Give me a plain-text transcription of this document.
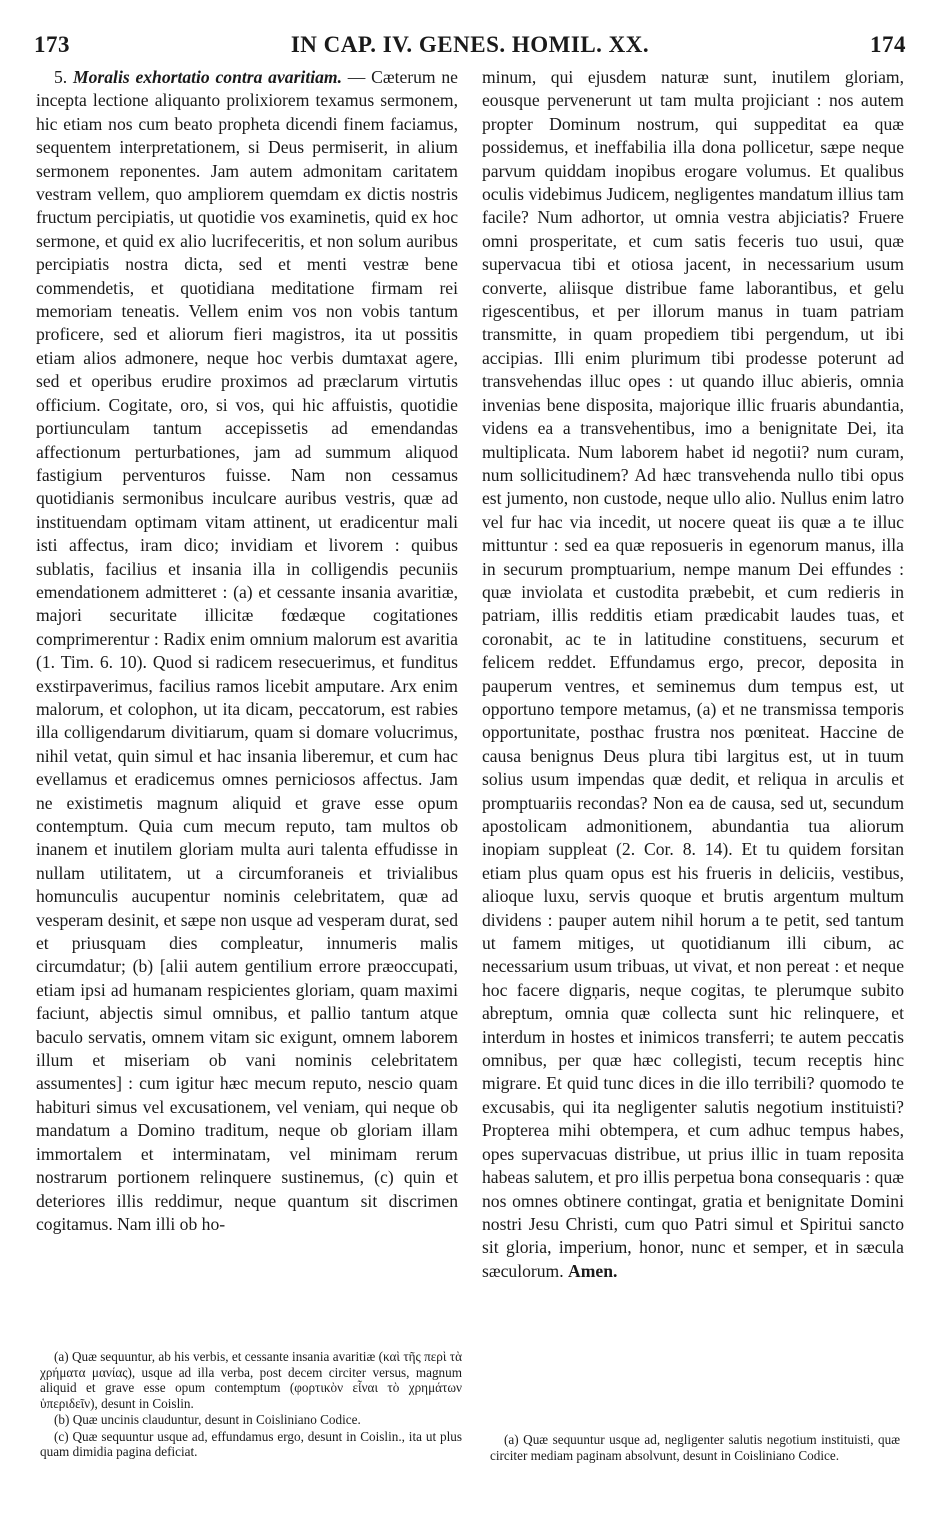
173	IN CAP. IV. GENES. HOMIL. XX.	174

5. Moralis exhortatio contra avaritiam. — Cæterum ne incepta lectione aliquanto prolixiorem texamus sermonem, hic etiam nos cum beato propheta dicendi finem faciamus, sequentem interpretationem, si Deus permiserit, in alium sermonem reponentes. Jam autem admonitam caritatem vestram vellem, quo ampliorem quemdam ex dictis nostris fructum percipiatis, ut quotidie vos examinetis, quid ex hoc sermone, et quid ex alio lucrifeceritis, et non solum auribus percipiatis nostra dicta, sed et menti vestræ bene commendetis, et quotidiana meditatione firmam rei memoriam teneatis. Vellem enim vos non vobis tantum proficere, sed et aliorum fieri magistros, ita ut possitis etiam alios admonere, neque hoc verbis dumtaxat agere, sed et operibus erudire proximos ad præclarum virtutis officium. Cogitate, oro, si vos, qui hic affuistis, quotidie portiunculam tantum accepissetis ad emendandas affectionum perturbationes, jam ad summum aliquod fastigium perventuros fuisse. Nam non cessamus quotidianis sermonibus inculcare auribus vestris, quæ ad instituendam optimam vitam attinent, ut eradicentur mali isti affectus, iram dico; invidiam et livorem : quibus sublatis, facilius et insania illa in colligendis pecuniis emendationem admitteret : (a) et cessante insania avaritiæ, majori securitate illicitæ fœdæque cogitationes comprimerentur : Radix enim omnium malorum est avaritia (1. Tim. 6. 10). Quod si radicem resecuerimus, et funditus exstirpaverimus, facilius ramos licebit amputare. Arx enim malorum, et colophon, ut ita dicam, peccatorum, est rabies illa colligendarum divitiarum, quam si domare volucrimus, nihil vetat, quin simul et hac insania liberemur, et cum hac evellamus et eradicemus omnes perniciosos affectus. Jam ne existimetis magnum aliquid et grave esse opum contemptum. Quia cum mecum reputo, tam multos ob inanem et inutilem gloriam multa auri talenta effudisse in nullam utilitatem, ut a circumforaneis et trivialibus homunculis aucupentur nominis celebritatem, quæ ad vesperam desinit, et sæpe non usque ad vesperam durat, sed et priusquam dies compleatur, innumeris malis circumdatur; (b) [alii autem gentilium errore præoccupati, etiam ipsi ad humanam respicientes gloriam, quam maximi faciunt, abjectis simul omnibus, et pallio tantum atque baculo servatis, omnem vitam sic exigunt, omnem laborem illum et miseriam ob vani nominis celebritatem assumentes] : cum igitur hæc mecum reputo, nescio quam habituri simus vel excusationem, vel veniam, qui neque ob mandatum a Domino traditum, neque ob gloriam illam immortalem et interminatam, vel minimam rerum nostrarum portionem relinquere sustinemus, (c) quin et deteriores illis reddimur, neque quantum sit discrimen cogitamus. Nam illi ob ho-

minum, qui ejusdem naturæ sunt, inutilem gloriam, eousque pervenerunt ut tam multa projiciant : nos autem propter Dominum nostrum, qui suppeditat ea quæ possidemus, et ineffabilia illa dona pollicetur, sæpe neque parvum quiddam inopibus erogare volumus. Et qualibus oculis videbimus Judicem, negligentes mandatum illius tam facile? Num adhortor, ut omnia vestra abjiciatis? Fruere omni prosperitate, et cum satis feceris tuo usui, quæ supervacua tibi et otiosa jacent, in necessarium usum converte, aliisque distribue fame laborantibus, et gelu rigescentibus, et per illorum manus in tuam patriam transmitte, in quam propediem tibi pergendum, ut ibi accipias. Illi enim plurimum tibi prodesse poterunt ad transvehendas illuc opes : ut quando illuc abieris, omnia invenias bene disposita, majorique illic fruaris abundantia, videns ea a transvehentibus, imo a benignitate Dei, ita multiplicata. Num laborem habet id negotii? num curam, num sollicitudinem? Ad hæc transvehenda nullo tibi opus est jumento, non custode, neque ullo alio. Nullus enim latro vel fur hac via incedit, ut nocere queat iis quæ a te illuc mittuntur : sed ea quæ reposueris in egenorum manus, illa in securum promptuarium, nempe manum Dei effundes : quæ inviolata et custodita præbebit, et cum redieris in patriam, illis redditis etiam prædicabit laudes tuas, et coronabit, ac te in latitudine constituens, securum et felicem reddet. Effundamus ergo, precor, deposita in pauperum ventres, et seminemus dum tempus est, ut opportuno tempore metamus, (a) et ne transmissa temporis opportunitate, posthac frustra nos pœniteat. Haccine de causa benignus Deus plura tibi largitus est, ut in tuum solius usum impendas quæ dedit, et reliqua in arculis et promptuariis recondas? Non ea de causa, sed ut, secundum apostolicam admonitionem, abundantia tua aliorum inopiam suppleat (2. Cor. 8. 14). Et tu quidem forsitan etiam plus quam opus est his frueris in deliciis, vestibus, alioque luxu, servis quoque et brutis argentum multum dividens : pauper autem nihil horum a te petit, sed tantum ut famem mitiges, ut quotidianum illi cibum, ac necessarium usum tribuas, ut vivat, et non pereat : et neque hoc facere digņaris, neque cogitas, te plerumque subito abreptum, omnia quæ collecta sunt hic relinquere, et interdum in hostes et inimicos transferri; te autem peccatis omnibus, per quæ hæc collegisti, tecum receptis hinc migrare. Et quid tunc dices in die illo terribili? quomodo te excusabis, qui ita negligenter salutis negotium instituisti? Propterea mihi obtempera, et cum adhuc tempus habes, opes supervacuas distribue, ut prius illic in tuam reposita habeas salutem, et pro illis perpetua bona consequaris : quæ nos omnes obtinere contingat, gratia et benignitate Domini nostri Jesu Christi, cum quo Patri simul et Spiritui sancto sit gloria, imperium, honor, nunc et semper, et in sæcula sæculorum. Amen.

(a) Quæ sequuntur, ab his verbis, et cessante insania avaritiæ (καὶ τῆς περὶ τὰ χρήματα μανίας), usque ad illa verba, post decem circiter versus, magnum aliquid et grave esse opum contemptum (φορτικὸν εἶναι τὸ χρημάτων ὑπεριδεῖν), desunt in Coislin.

(b) Quæ uncinis clauduntur, desunt in Coisliniano Codice.

(c) Quæ sequuntur usque ad, effundamus ergo, desunt in Coislin., ita ut plus quam dimidia pagina deficiat.

(a) Quæ sequuntur usque ad, negligenter salutis negotium instituisti, quæ circiter mediam paginam absolvunt, desunt in Coisliniano Codice.
